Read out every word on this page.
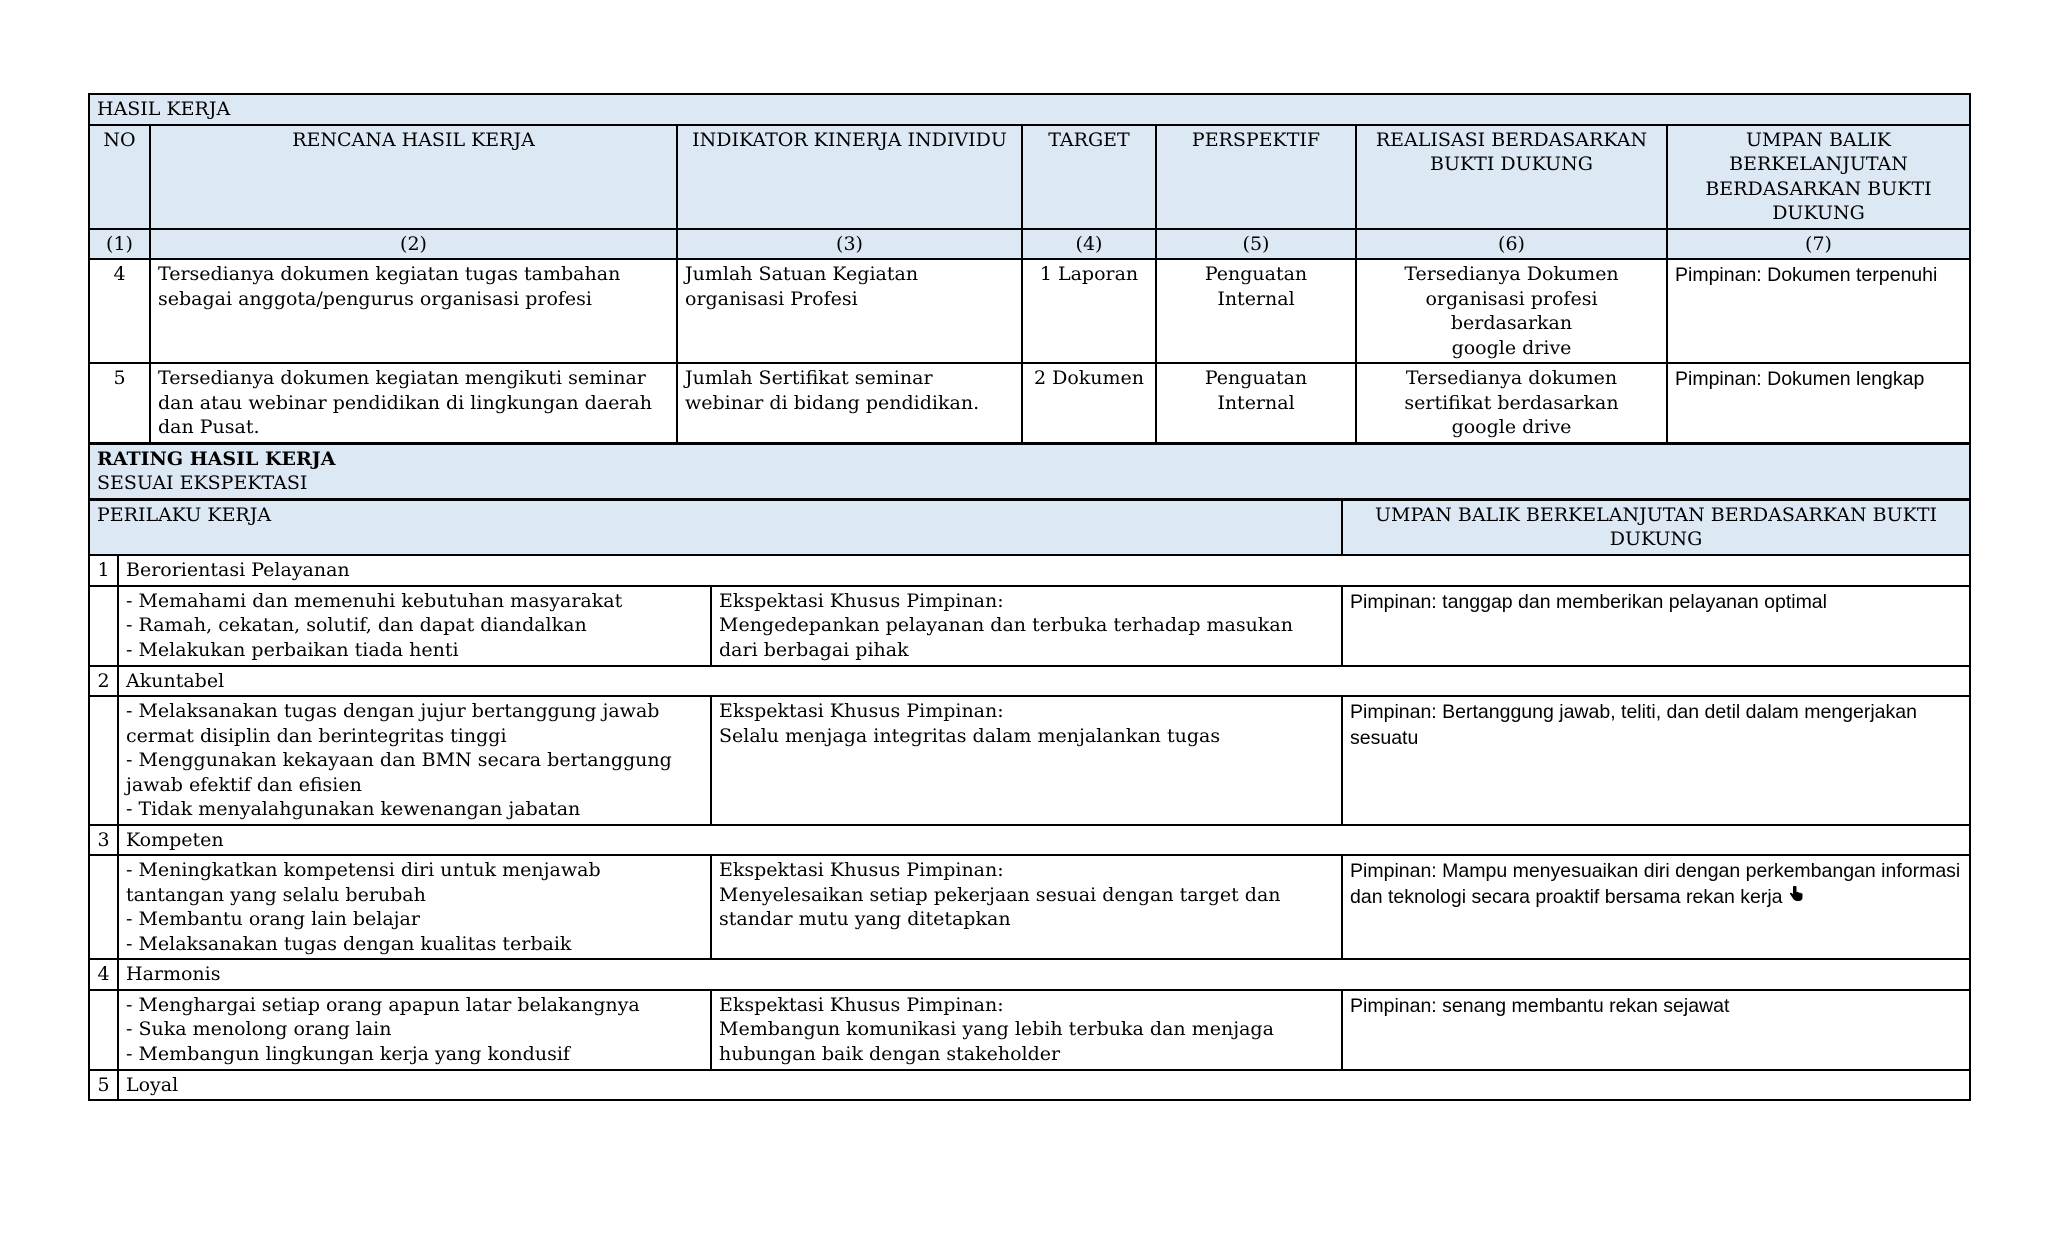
HASIL KERJA						
NO	RENCANA HASIL KERJA	INDIKATOR KINERJA INDIVIDU	TARGET	PERSPEKTIF	REALISASI BERDASARKAN BUKTI DUKUNG	UMPAN BALIK BERKELANJUTAN BERDASARKAN BUKTI DUKUNG
(1)	(2)	(3)	(4)	(5)	(6)	(7)
4	Tersedianya dokumen kegiatan tugas tambahan sebagai anggota/pengurus organisasi profesi	Jumlah Satuan Kegiatan organisasi Profesi	1 Laporan	Penguatan Internal	Tersedianya Dokumen
organisasi profesi
berdasarkan
google drive	Pimpinan: Dokumen terpenuhi
5	Tersedianya dokumen kegiatan mengikuti seminar dan atau webinar pendidikan di lingkungan daerah dan Pusat.	Jumlah Sertifikat seminar webinar di bidang pendidikan.	2 Dokumen	Penguatan Internal	Tersedianya dokumen
sertifikat berdasarkan
google drive	Pimpinan: Dokumen lengkap

RATING HASIL KERJA
SESUAI EKSPEKTASI						
PERILAKU KERJA			UMPAN BALIK BERKELANJUTAN BERDASARKAN BUKTI DUKUNG
1	Berorientasi Pelayanan		

	- Memahami dan memenuhi kebutuhan masyarakat
- Ramah, cekatan, solutif, dan dapat diandalkan
- Melakukan perbaikan tiada henti	Ekspektasi Khusus Pimpinan:
Mengedepankan pelayanan dan terbuka terhadap masukan dari berbagai pihak	Pimpinan: tanggap dan memberikan pelayanan optimal
2	Akuntabel		

	- Melaksanakan tugas dengan jujur bertanggung jawab cermat disiplin dan berintegritas tinggi
- Menggunakan kekayaan dan BMN secara bertanggung jawab efektif dan efisien
- Tidak menyalahgunakan kewenangan jabatan	Ekspektasi Khusus Pimpinan:
Selalu menjaga integritas dalam menjalankan tugas	Pimpinan: Bertanggung jawab, teliti, dan detil dalam mengerjakan sesuatu
3	Kompeten		

	- Meningkatkan kompetensi diri untuk menjawab tantangan yang selalu berubah
- Membantu orang lain belajar
- Melaksanakan tugas dengan kualitas terbaik	Ekspektasi Khusus Pimpinan:
Menyelesaikan setiap pekerjaan sesuai dengan target dan standar mutu yang ditetapkan	Pimpinan: Mampu menyesuaikan diri dengan perkembangan informasi dan teknologi secara proaktif bersama rekan kerja
4	Harmonis		

	- Menghargai setiap orang apapun latar belakangnya
- Suka menolong orang lain
- Membangun lingkungan kerja yang kondusif	Ekspektasi Khusus Pimpinan:
Membangun komunikasi yang lebih terbuka dan menjaga hubungan baik dengan stakeholder	Pimpinan: senang membantu rekan sejawat
5	Loyal		
